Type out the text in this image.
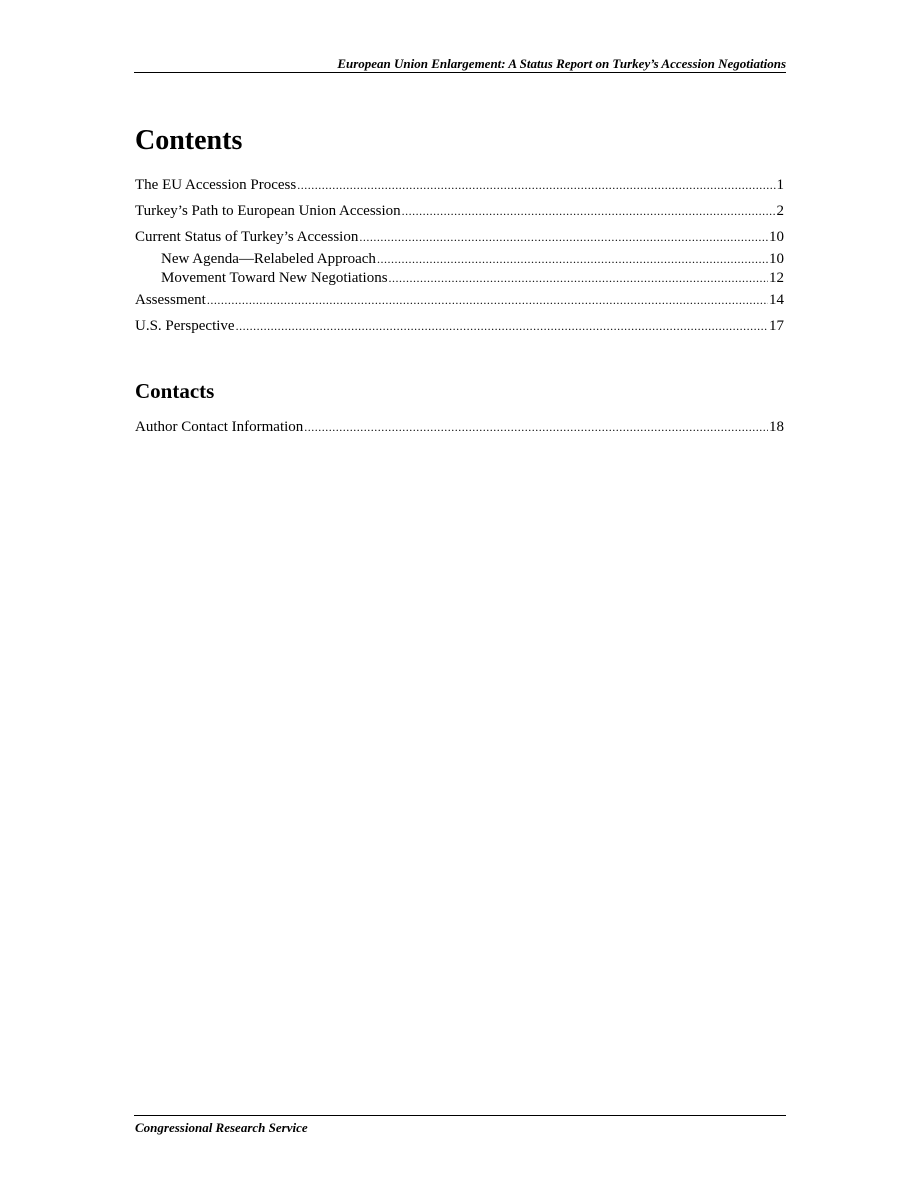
European Union Enlargement: A Status Report on Turkey’s Accession Negotiations
Contents
The EU Accession Process .....	1
Turkey’s Path to European Union Accession .....	2
Current Status of Turkey’s Accession .....	10
New Agenda—Relabeled Approach .....	10
Movement Toward New Negotiations .....	12
Assessment .....	14
U.S. Perspective .....	17
Contacts
Author Contact Information .....	18
Congressional Research Service
